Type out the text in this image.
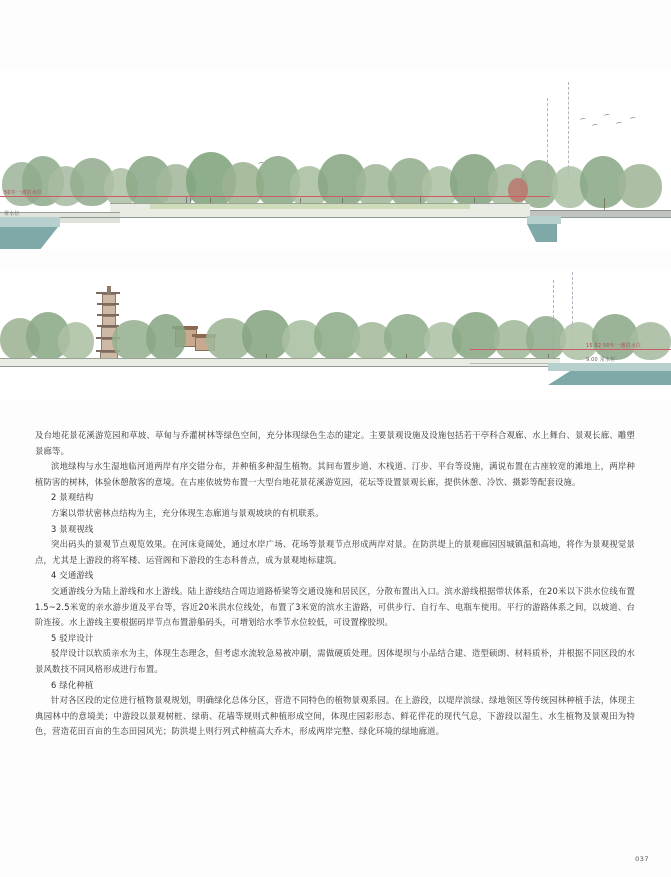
50年一遇洪水位
常水位
15.52 50年一遇洪水位
9.00 常水位

及台地花景花溪游览园和草坡、草甸与乔灌树林等绿色空间，充分体现绿色生态的建定。主要景观设施及设施包括若干亭科合观廊、水上舞台、景观长廊、雕塑景廊等。

滨地绿构与水生湿地临河道两岸有序交错分布，并种植多种湿生植物。其间布置步道、木栈道、汀步、平台等设施，满说布置在古座较宽的滩地上，两岸种植防害的树林，体验休憩散客的意境。在古座依坡势布置一大型台地花景花溪游览园，花坛等设置景观长廊，提供休憩、冷饮、摄影等配套设施。

2 景观结构

方案以带状密林点结构为主，充分体现生态廊道与景观坡块的有机联系。

3 景观视线

突出码头的景观节点观览效果。在河床竟阔处，通过水岸广场、花场等景观节点形成两岸对景。在防洪堤上的景观廊园因城镇温和高地，将作为景观视觉景点，尤其是上游段的将军楼、运营阁和下游段的生态科普点，成为景观地标建筑。

4 交通游线

交通游线分为陆上游线和水上游线。陆上游线结合周边道路桥梁等交通设施和居民区，分散布置出入口。滨水游线根据带状体系，在20米以下洪水位线布置1.5~2.5米宽的亲水游步道及平台等，容近20米洪水位线处，布置了3米宽的滨水主游路，可供步行、自行车、电瓶车使用。平行的游路体系之间，以坡道、台阶连接。水上游线主要根据码岸节点布置游船码头，可增划给水季节水位较低，可设置橡胶坝。

5 驳岸设计

驳岸设计以软质亲水为主，体现生态理念，但考虑水流较急易被冲刷，需做硬质处理。因体堤坝与小品结合建、造型硕朗、材料质朴，并根据不同区段的水景风数技不同风格形成进行布置。

6 绿化种植

针对各区段的定位进行植物景观规划，明确绿化总体分区，营造不同特色的植物景观系园。在上游段，以堤岸滨绿、绿地领区等传统园林种植手法，体现主典园林中的意境美；中游段以景观树桩、绿萌、花墙等规则式种植形成空间，体现庄园彩形态、鲜花伴花的现代气息，下游段以湿生、水生植物及景观田为特色，营造花田百亩的生态田园风光；防洪堤上则行列式种植高大乔木，形成两岸完整、绿化环境的绿地廊道。

037
